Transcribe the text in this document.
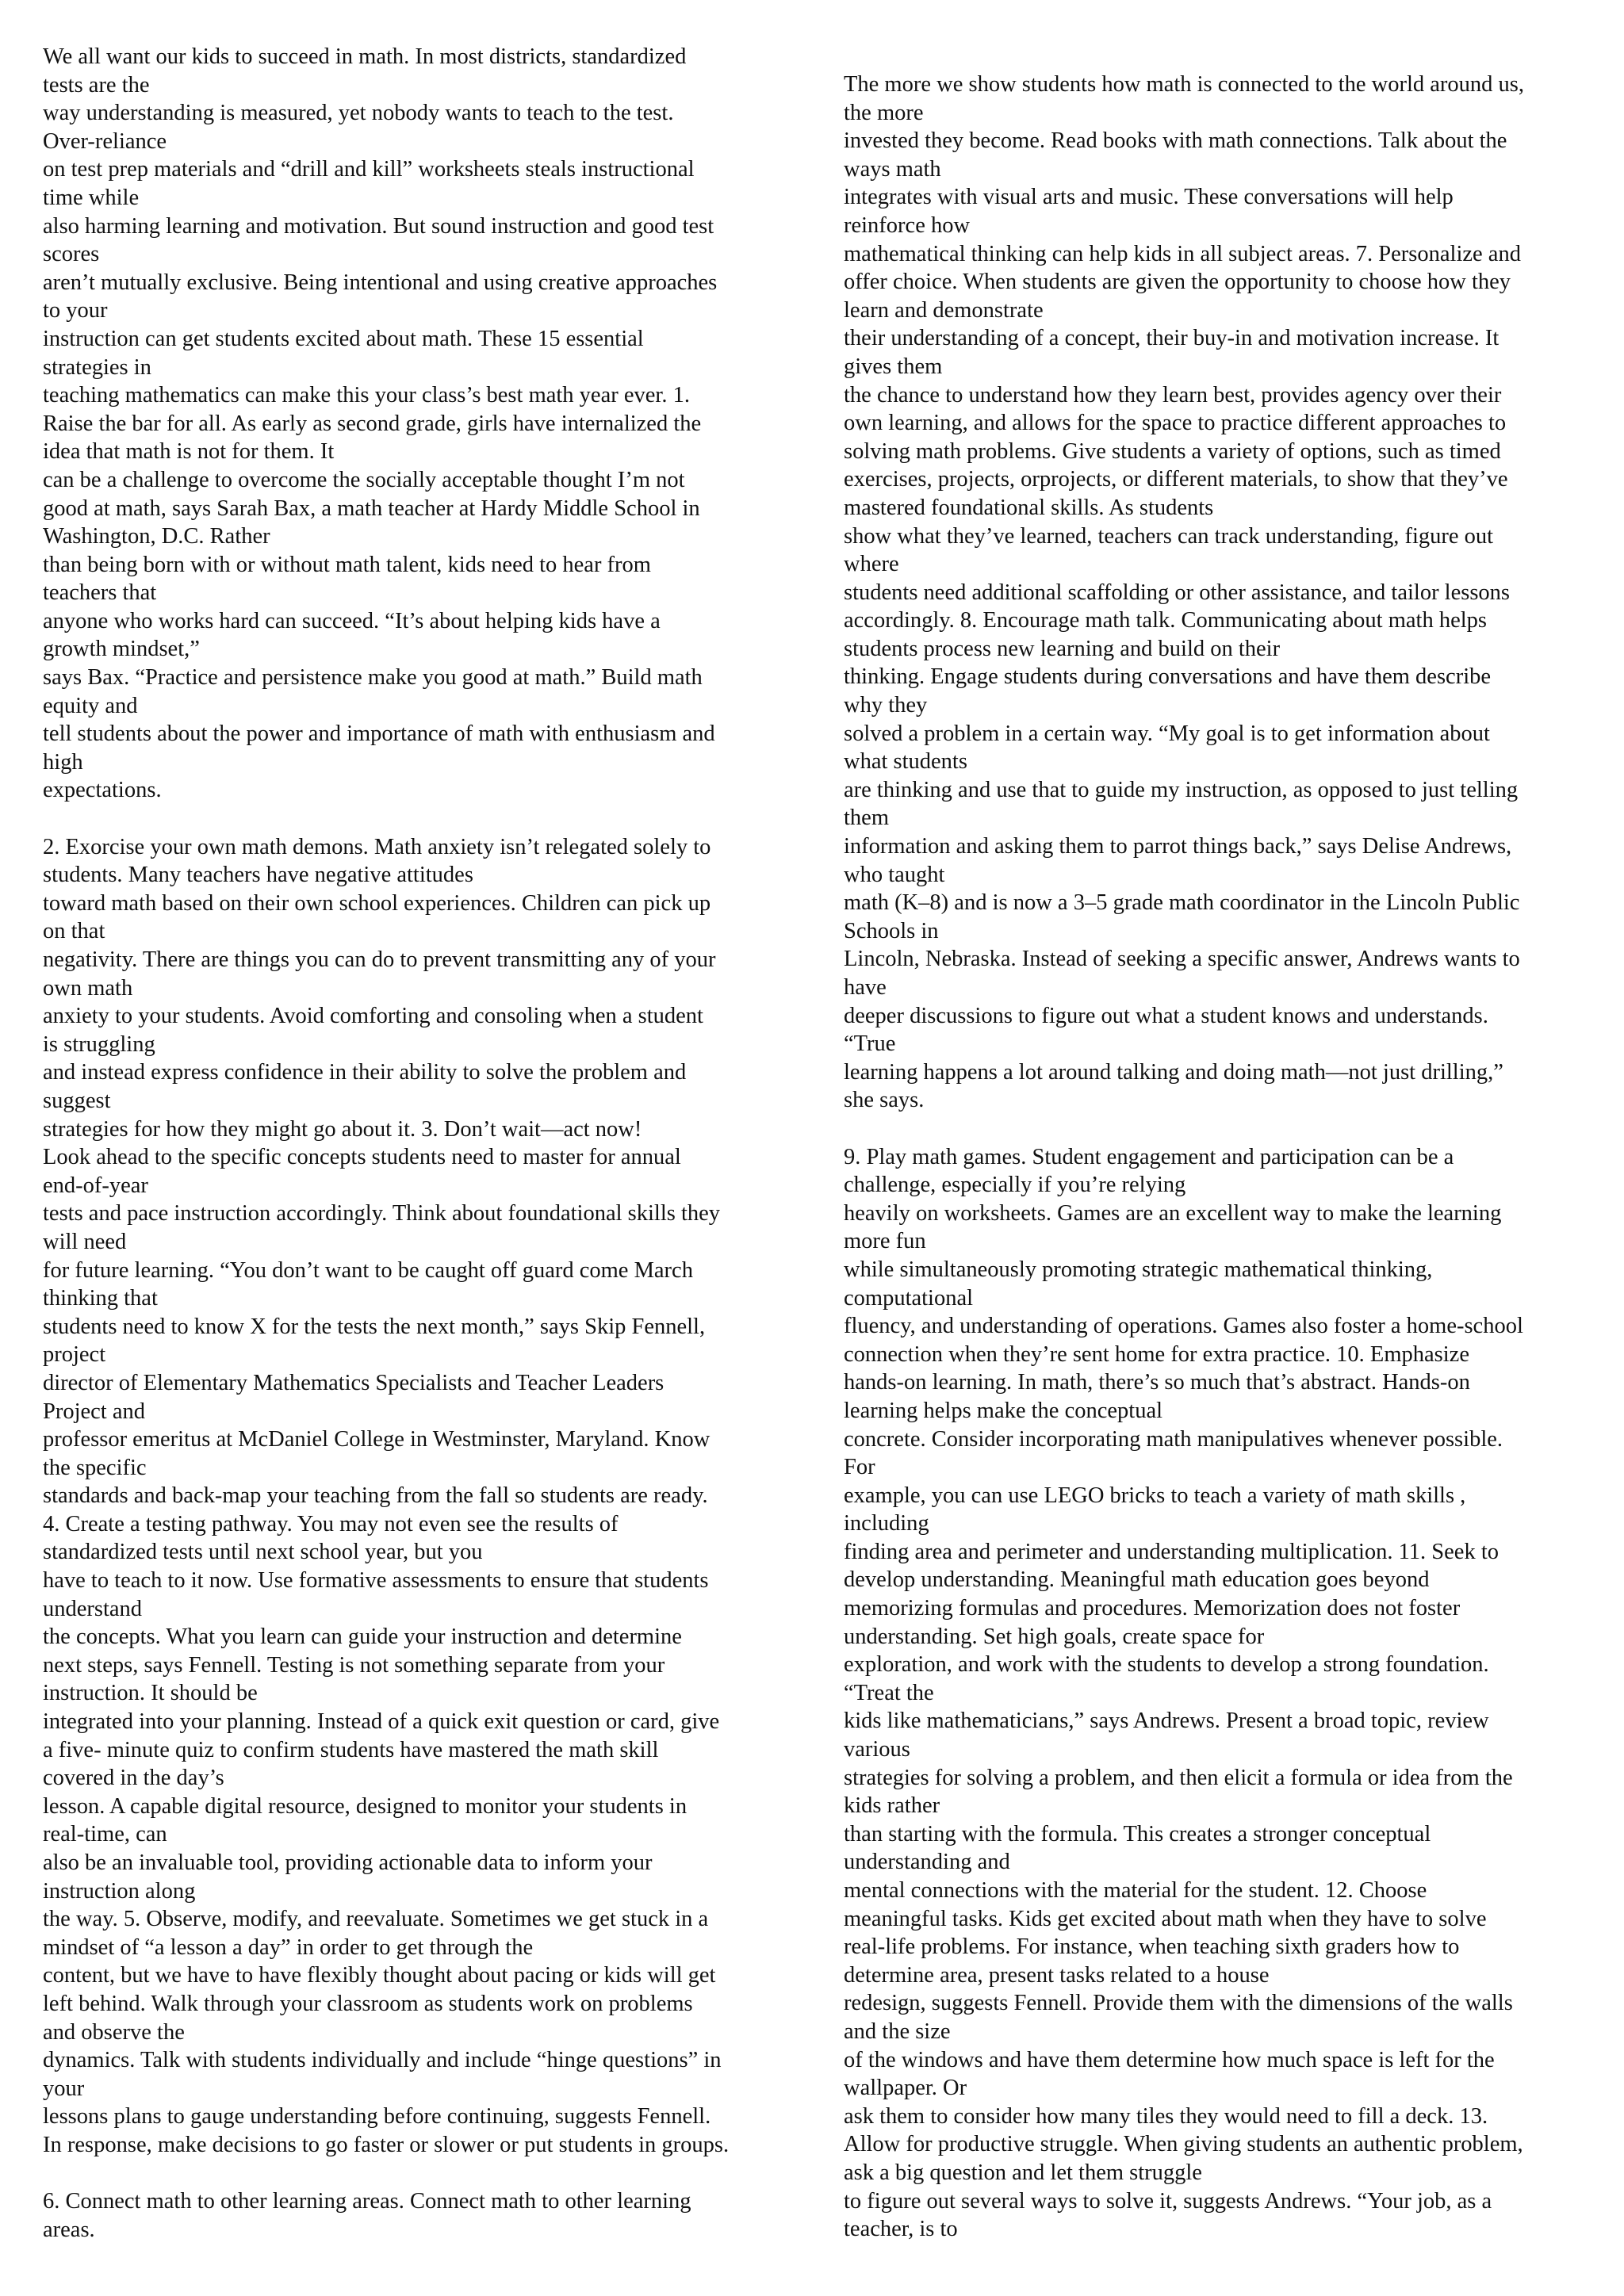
We all want our kids to succeed in math. In most districts, standardized
tests are the
way understanding is measured, yet nobody wants to teach to the test.
Over-reliance
on test prep materials and “drill and kill” worksheets steals instructional
time while
also harming learning and motivation. But sound instruction and good test
scores
aren’t mutually exclusive. Being intentional and using creative approaches
to your
instruction can get students excited about math. These 15 essential
strategies in
teaching mathematics can make this your class’s best math year ever. 1.
Raise the bar for all. As early as second grade, girls have internalized the
idea that math is not for them. It
can be a challenge to overcome the socially acceptable thought I’m not
good at math, says Sarah Bax, a math teacher at Hardy Middle School in
Washington, D.C. Rather
than being born with or without math talent, kids need to hear from
teachers that
anyone who works hard can succeed. “It’s about helping kids have a
growth mindset,”
says Bax. “Practice and persistence make you good at math.” Build math
equity and
tell students about the power and importance of math with enthusiasm and
high
expectations.

2. Exorcise your own math demons. Math anxiety isn’t relegated solely to
students. Many teachers have negative attitudes
toward math based on their own school experiences. Children can pick up
on that
negativity. There are things you can do to prevent transmitting any of your
own math
anxiety to your students. Avoid comforting and consoling when a student
is struggling
and instead express confidence in their ability to solve the problem and
suggest
strategies for how they might go about it. 3. Don’t wait—act now!
Look ahead to the specific concepts students need to master for annual
end-of-year
tests and pace instruction accordingly. Think about foundational skills they
will need
for future learning. “You don’t want to be caught off guard come March
thinking that
students need to know X for the tests the next month,” says Skip Fennell,
project
director of Elementary Mathematics Specialists and Teacher Leaders
Project and
professor emeritus at McDaniel College in Westminster, Maryland. Know
the specific
standards and back-map your teaching from the fall so students are ready.
4. Create a testing pathway. You may not even see the results of
standardized tests until next school year, but you
have to teach to it now. Use formative assessments to ensure that students
understand
the concepts. What you learn can guide your instruction and determine
next steps, says Fennell. Testing is not something separate from your
instruction. It should be
integrated into your planning. Instead of a quick exit question or card, give
a five- minute quiz to confirm students have mastered the math skill
covered in the day’s
lesson. A capable digital resource, designed to monitor your students in
real-time, can
also be an invaluable tool, providing actionable data to inform your
instruction along
the way. 5. Observe, modify, and reevaluate. Sometimes we get stuck in a
mindset of “a lesson a day” in order to get through the
content, but we have to have flexibly thought about pacing or kids will get
left behind. Walk through your classroom as students work on problems
and observe the
dynamics. Talk with students individually and include “hinge questions” in
your
lessons plans to gauge understanding before continuing, suggests Fennell.
In response, make decisions to go faster or slower or put students in groups.

6. Connect math to other learning areas. Connect math to other learning
areas.

The more we show students how math is connected to the world around us,
the more
invested they become. Read books with math connections. Talk about the
ways math
integrates with visual arts and music. These conversations will help
reinforce how
mathematical thinking can help kids in all subject areas. 7. Personalize and
offer choice. When students are given the opportunity to choose how they
learn and demonstrate
their understanding of a concept, their buy-in and motivation increase. It
gives them
the chance to understand how they learn best, provides agency over their
own learning, and allows for the space to practice different approaches to
solving math problems. Give students a variety of options, such as timed
exercises, projects, orprojects, or different materials, to show that they’ve
mastered foundational skills. As students
show what they’ve learned, teachers can track understanding, figure out
where
students need additional scaffolding or other assistance, and tailor lessons
accordingly. 8. Encourage math talk. Communicating about math helps
students process new learning and build on their
thinking. Engage students during conversations and have them describe
why they
solved a problem in a certain way. “My goal is to get information about
what students
are thinking and use that to guide my instruction, as opposed to just telling
them
information and asking them to parrot things back,” says Delise Andrews,
who taught
math (K–8) and is now a 3–5 grade math coordinator in the Lincoln Public
Schools in
Lincoln, Nebraska. Instead of seeking a specific answer, Andrews wants to
have
deeper discussions to figure out what a student knows and understands.
“True
learning happens a lot around talking and doing math—not just drilling,”
she says.

9. Play math games. Student engagement and participation can be a
challenge, especially if you’re relying
heavily on worksheets. Games are an excellent way to make the learning
more fun
while simultaneously promoting strategic mathematical thinking,
computational
fluency, and understanding of operations. Games also foster a home-school
connection when they’re sent home for extra practice. 10. Emphasize
hands-on learning. In math, there’s so much that’s abstract. Hands-on
learning helps make the conceptual
concrete. Consider incorporating math manipulatives whenever possible.
For
example, you can use LEGO bricks to teach a variety of math skills ,
including
finding area and perimeter and understanding multiplication. 11. Seek to
develop understanding. Meaningful math education goes beyond
memorizing formulas and procedures. Memorization does not foster
understanding. Set high goals, create space for
exploration, and work with the students to develop a strong foundation.
“Treat the
kids like mathematicians,” says Andrews. Present a broad topic, review
various
strategies for solving a problem, and then elicit a formula or idea from the
kids rather
than starting with the formula. This creates a stronger conceptual
understanding and
mental connections with the material for the student. 12. Choose
meaningful tasks. Kids get excited about math when they have to solve
real-life problems. For instance, when teaching sixth graders how to
determine area, present tasks related to a house
redesign, suggests Fennell. Provide them with the dimensions of the walls
and the size
of the windows and have them determine how much space is left for the
wallpaper. Or
ask them to consider how many tiles they would need to fill a deck. 13.
Allow for productive struggle. When giving students an authentic problem,
ask a big question and let them struggle
to figure out several ways to solve it, suggests Andrews. “Your job, as a
teacher, is to
